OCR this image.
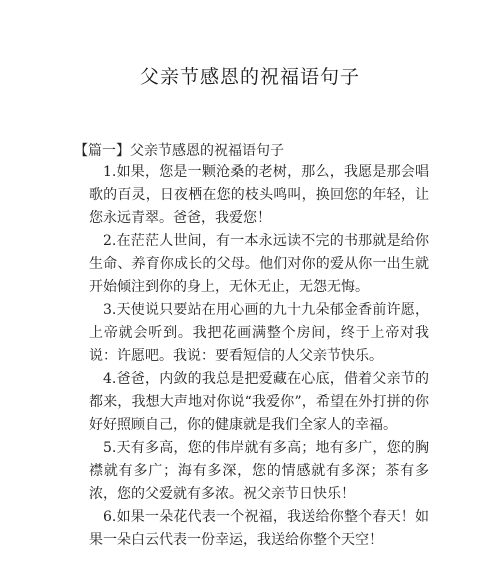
父亲节感恩的祝福语句子
【篇一】父亲节感恩的祝福语句子

1.如果，您是一颗沧桑的老树，那么，我愿是那会唱歌的百灵，日夜栖在您的枝头鸣叫，换回您的年轻，让您永远青翠。爸爸，我爱您！

2.在茫茫人世间，有一本永远读不完的书那就是给你生命、养育你成长的父母。他们对你的爱从你一出生就开始倾注到你的身上，无休无止，无怨无悔。

3.天使说只要站在用心画的九十九朵郁金香前许愿，上帝就会听到。我把花画满整个房间，终于上帝对我说：许愿吧。我说：要看短信的人父亲节快乐。

4.爸爸，内敛的我总是把爱藏在心底，借着父亲节的都来，我想大声地对你说“我爱你”，希望在外打拼的你好好照顾自己，你的健康就是我们全家人的幸福。

5.天有多高，您的伟岸就有多高；地有多广，您的胸襟就有多广；海有多深，您的情感就有多深；茶有多浓，您的父爱就有多浓。祝父亲节日快乐！

6.如果一朵花代表一个祝福，我送给你整个春天！如果一朵白云代表一份幸运，我送给你整个天空！
